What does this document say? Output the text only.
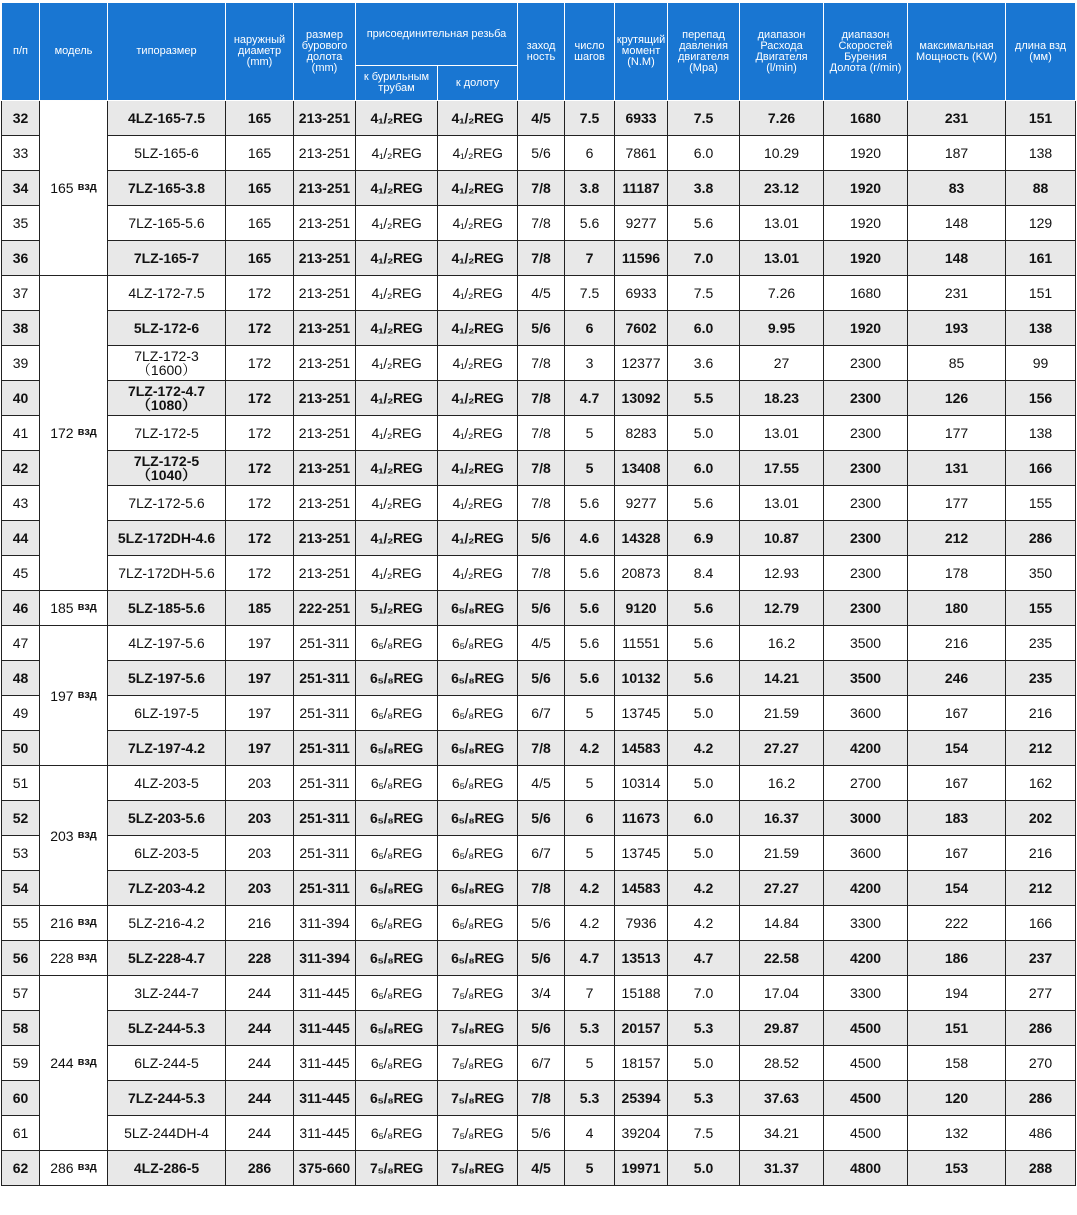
п/п	модель	типоразмер	наружный диаметр (mm)	размер бурового долота (mm)	присоединительная резьба		заход ность	число шагов	крутящий момент (N.M)	перепад давления двигателя (Mpa)	диапазон Расхода Двигателя (l/min)	диапазон Скоростей Бурения Долота (r/min)	максимальная Мощность (KW)	длина взд (мм)
					к бурильным трубам	к долоту								
32	165 $^{взд}$	4LZ-165-7.5	165	213-251	4₁/₂REG	4₁/₂REG	4/5	7.5	6933	7.5	7.26	1680	231	151
33		5LZ-165-6	165	213-251	4₁/₂REG	4₁/₂REG	5/6	6	7861	6.0	10.29	1920	187	138
34		7LZ-165-3.8	165	213-251	4₁/₂REG	4₁/₂REG	7/8	3.8	11187	3.8	23.12	1920	83	88
35		7LZ-165-5.6	165	213-251	4₁/₂REG	4₁/₂REG	7/8	5.6	9277	5.6	13.01	1920	148	129
36		7LZ-165-7	165	213-251	4₁/₂REG	4₁/₂REG	7/8	7	11596	7.0	13.01	1920	148	161
37	172 $^{взд}$	4LZ-172-7.5	172	213-251	4₁/₂REG	4₁/₂REG	4/5	7.5	6933	7.5	7.26	1680	231	151
38		5LZ-172-6	172	213-251	4₁/₂REG	4₁/₂REG	5/6	6	7602	6.0	9.95	1920	193	138
39		7LZ-172-3
（1600）	172	213-251	4₁/₂REG	4₁/₂REG	7/8	3	12377	3.6	27	2300	85	99
40		7LZ-172-4.7
（1080）	172	213-251	4₁/₂REG	4₁/₂REG	7/8	4.7	13092	5.5	18.23	2300	126	156
41		7LZ-172-5	172	213-251	4₁/₂REG	4₁/₂REG	7/8	5	8283	5.0	13.01	2300	177	138
42		7LZ-172-5
（1040）	172	213-251	4₁/₂REG	4₁/₂REG	7/8	5	13408	6.0	17.55	2300	131	166
43		7LZ-172-5.6	172	213-251	4₁/₂REG	4₁/₂REG	7/8	5.6	9277	5.6	13.01	2300	177	155
44		5LZ-172DH-4.6	172	213-251	4₁/₂REG	4₁/₂REG	5/6	4.6	14328	6.9	10.87	2300	212	286
45		7LZ-172DH-5.6	172	213-251	4₁/₂REG	4₁/₂REG	7/8	5.6	20873	8.4	12.93	2300	178	350
46	185 $^{взд}$	5LZ-185-5.6	185	222-251	5₁/₂REG	6₅/₈REG	5/6	5.6	9120	5.6	12.79	2300	180	155
47	197 $^{взд}$	4LZ-197-5.6	197	251-311	6₅/₈REG	6₅/₈REG	4/5	5.6	11551	5.6	16.2	3500	216	235
48		5LZ-197-5.6	197	251-311	6₅/₈REG	6₅/₈REG	5/6	5.6	10132	5.6	14.21	3500	246	235
49		6LZ-197-5	197	251-311	6₅/₈REG	6₅/₈REG	6/7	5	13745	5.0	21.59	3600	167	216
50		7LZ-197-4.2	197	251-311	6₅/₈REG	6₅/₈REG	7/8	4.2	14583	4.2	27.27	4200	154	212
51	203 $^{взд}$	4LZ-203-5	203	251-311	6₅/₈REG	6₅/₈REG	4/5	5	10314	5.0	16.2	2700	167	162
52		5LZ-203-5.6	203	251-311	6₅/₈REG	6₅/₈REG	5/6	6	11673	6.0	16.37	3000	183	202
53		6LZ-203-5	203	251-311	6₅/₈REG	6₅/₈REG	6/7	5	13745	5.0	21.59	3600	167	216
54		7LZ-203-4.2	203	251-311	6₅/₈REG	6₅/₈REG	7/8	4.2	14583	4.2	27.27	4200	154	212
55	216 $^{взд}$	5LZ-216-4.2	216	311-394	6₅/₈REG	6₅/₈REG	5/6	4.2	7936	4.2	14.84	3300	222	166
56	228 $^{взд}$	5LZ-228-4.7	228	311-394	6₅/₈REG	6₅/₈REG	5/6	4.7	13513	4.7	22.58	4200	186	237
57	244 $^{взд}$	3LZ-244-7	244	311-445	6₅/₈REG	7₅/₈REG	3/4	7	15188	7.0	17.04	3300	194	277
58		5LZ-244-5.3	244	311-445	6₅/₈REG	7₅/₈REG	5/6	5.3	20157	5.3	29.87	4500	151	286
59		6LZ-244-5	244	311-445	6₅/₈REG	7₅/₈REG	6/7	5	18157	5.0	28.52	4500	158	270
60		7LZ-244-5.3	244	311-445	6₅/₈REG	7₅/₈REG	7/8	5.3	25394	5.3	37.63	4500	120	286
61		5LZ-244DH-4	244	311-445	6₅/₈REG	7₅/₈REG	5/6	4	39204	7.5	34.21	4500	132	486
62	286 $^{взд}$	4LZ-286-5	286	375-660	7₅/₈REG	7₅/₈REG	4/5	5	19971	5.0	31.37	4800	153	288
